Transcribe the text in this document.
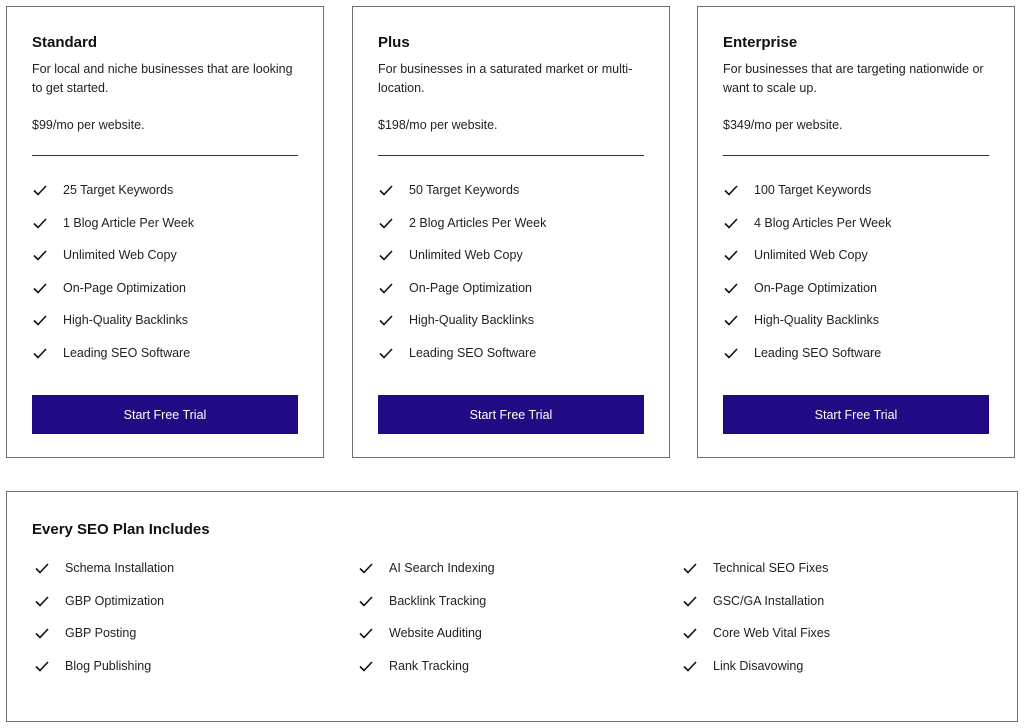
Standard
For local and niche businesses that are looking to get started.
$99/mo per website.
25 Target Keywords
1 Blog Article Per Week
Unlimited Web Copy
On-Page Optimization
High-Quality Backlinks
Leading SEO Software
Start Free Trial
Plus
For businesses in a saturated market or multi-location.
$198/mo per website.
50 Target Keywords
2 Blog Articles Per Week
Unlimited Web Copy
On-Page Optimization
High-Quality Backlinks
Leading SEO Software
Start Free Trial
Enterprise
For businesses that are targeting nationwide or want to scale up.
$349/mo per website.
100 Target Keywords
4 Blog Articles Per Week
Unlimited Web Copy
On-Page Optimization
High-Quality Backlinks
Leading SEO Software
Start Free Trial
Every SEO Plan Includes
Schema Installation
GBP Optimization
GBP Posting
Blog Publishing
AI Search Indexing
Backlink Tracking
Website Auditing
Rank Tracking
Technical SEO Fixes
GSC/GA Installation
Core Web Vital Fixes
Link Disavowing
